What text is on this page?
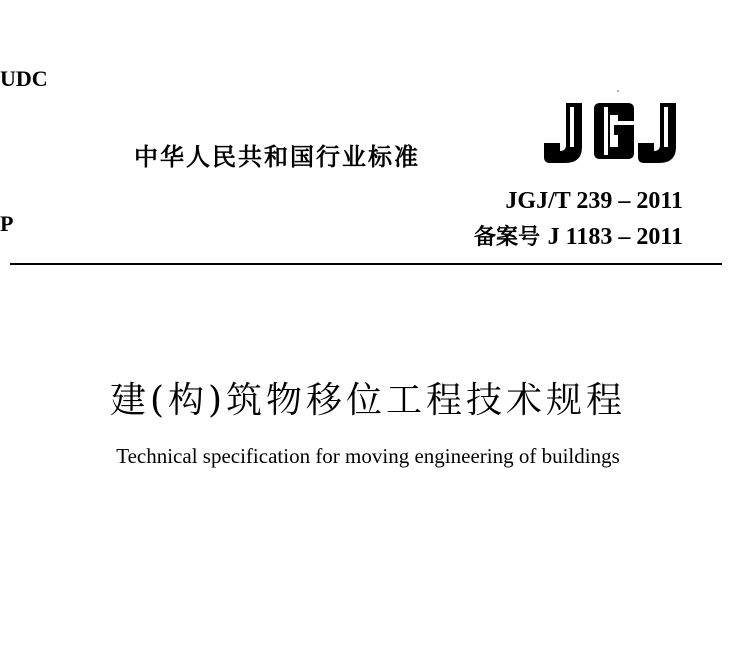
UDC
中华人民共和国行业标准
P
JGJ/T 239 – 2011
备案号 J 1183 – 2011
建(构)筑物移位工程技术规程
Technical specification for moving engineering of buildings
